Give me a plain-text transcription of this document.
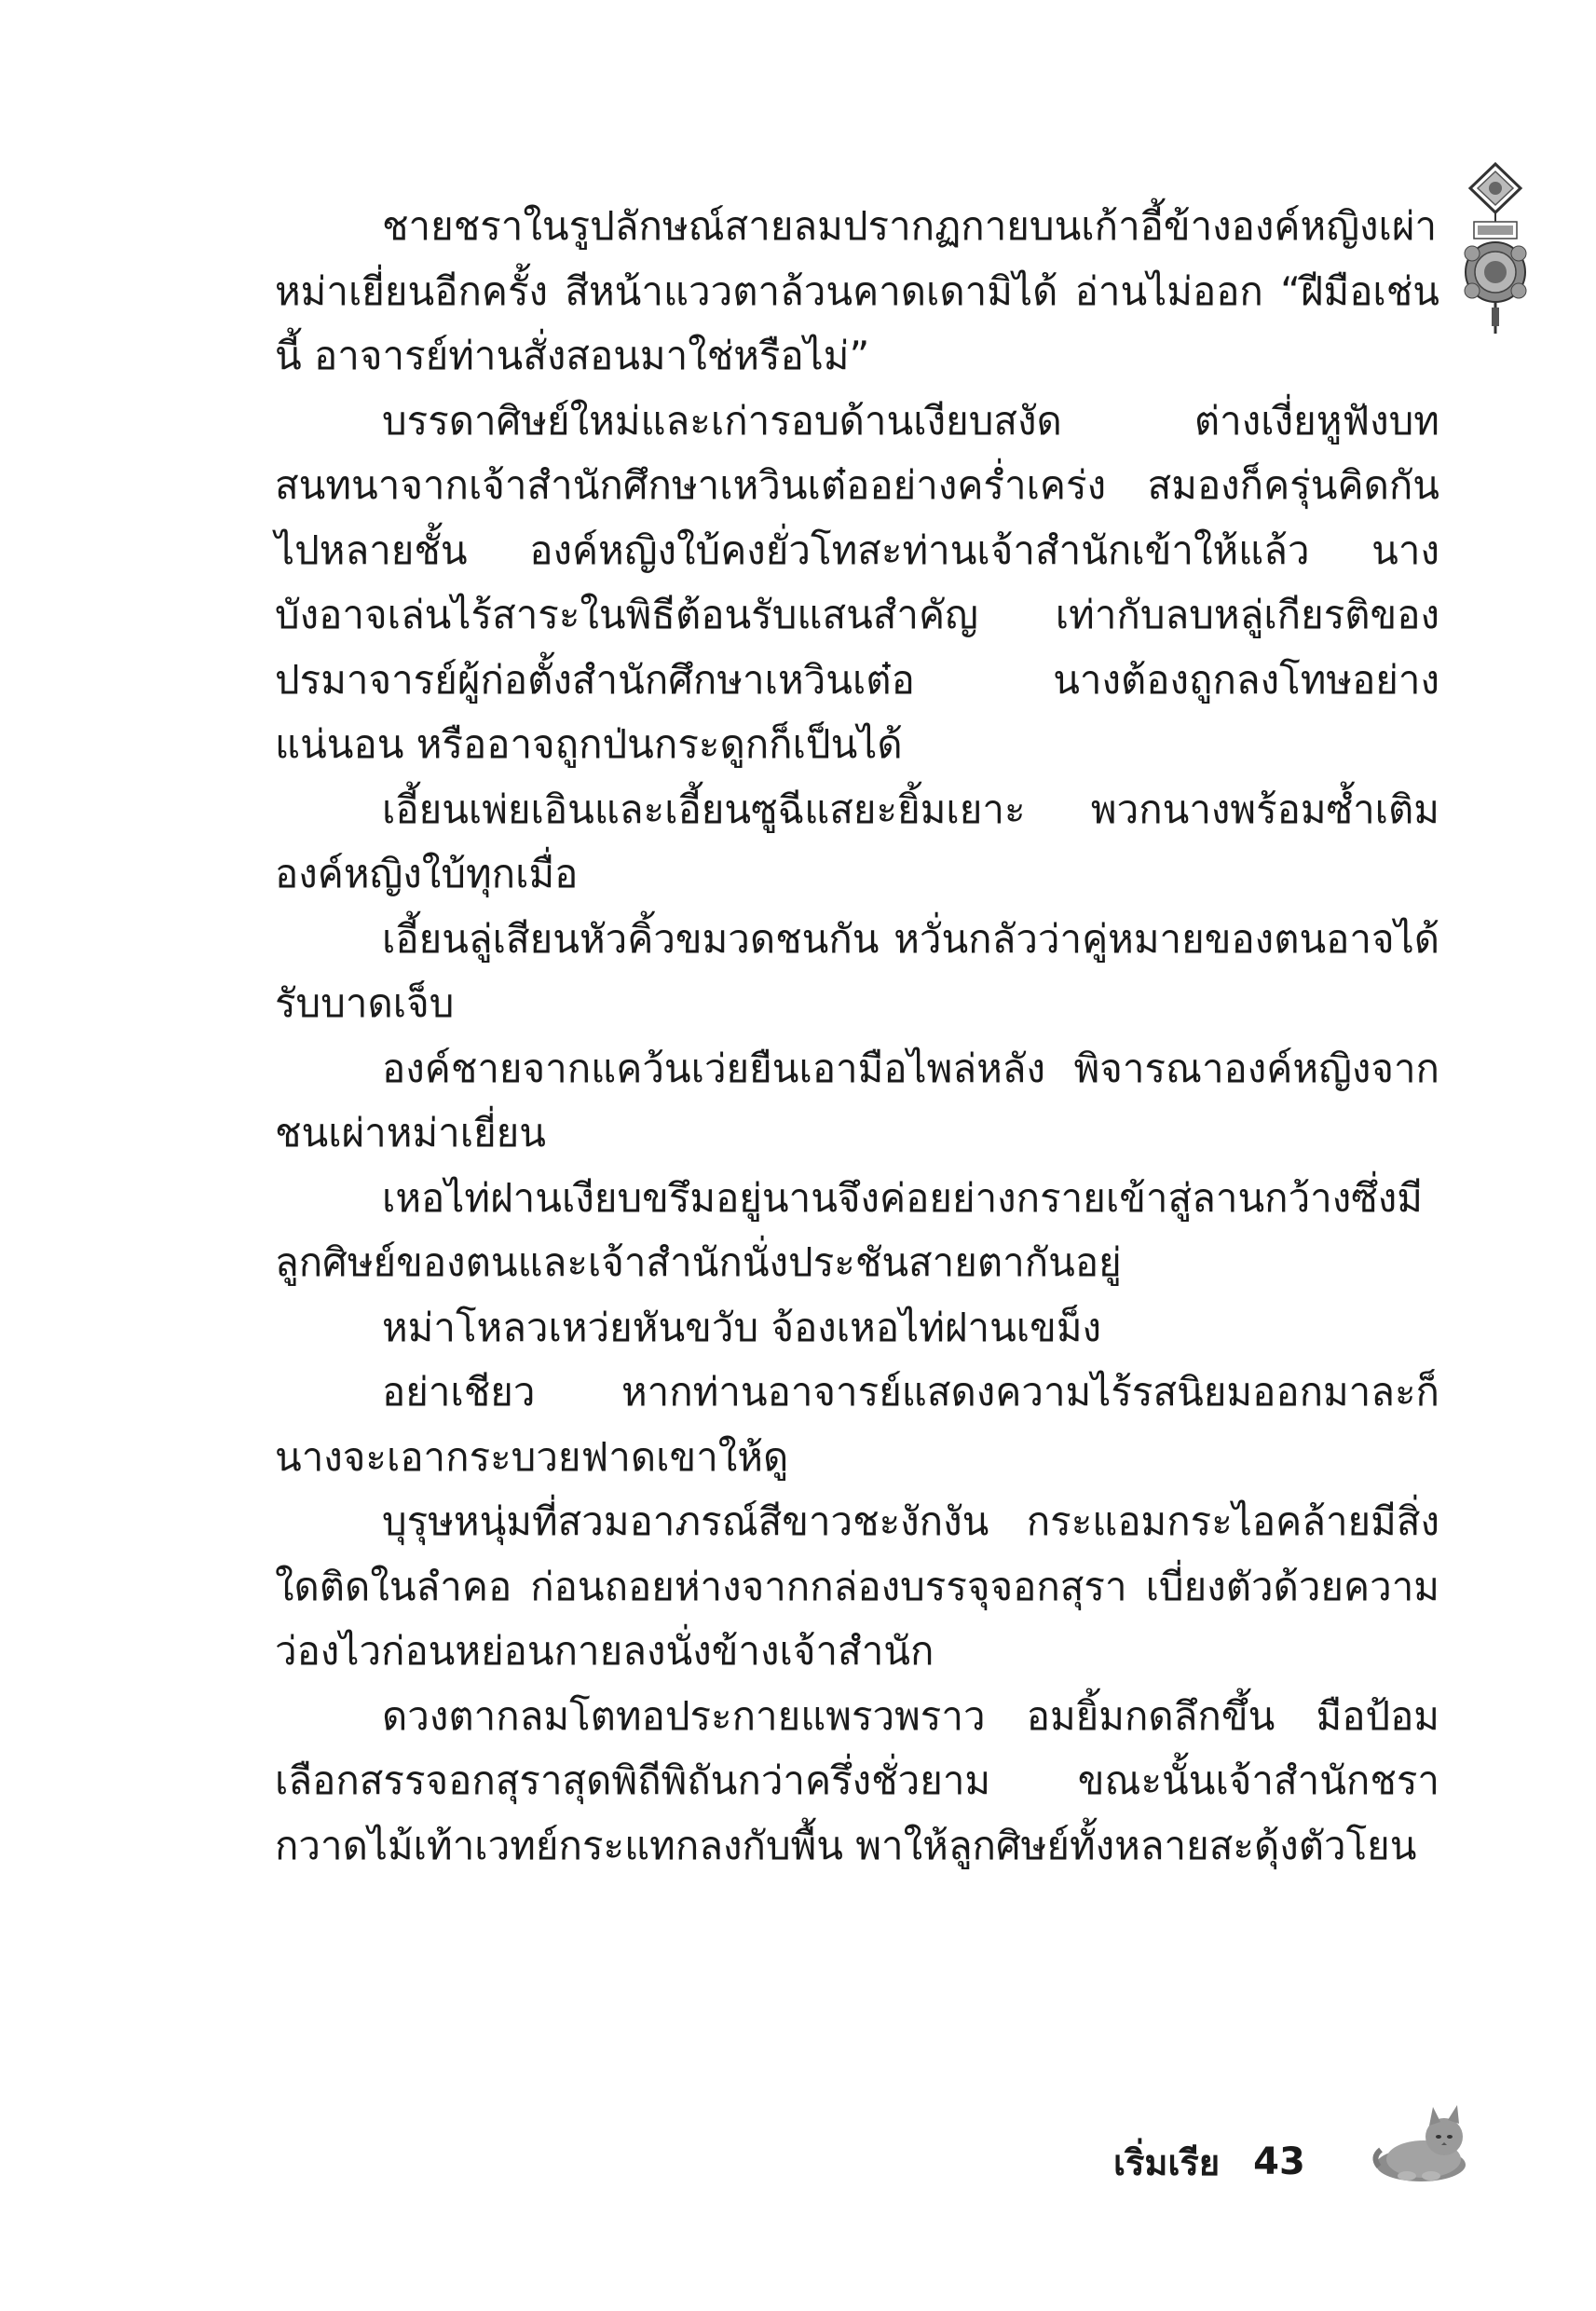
ชายชราในรูปลักษณ์สายลมปรากฏกายบนเก้าอี้ข้างองค์หญิงเผ่าหม่าเยี่ยนอีกครั้ง สีหน้าแววตาล้วนคาดเดามิได้ อ่านไม่ออก “ฝีมือเช่นนี้ อาจารย์ท่านสั่งสอนมาใช่หรือไม่”

บรรดาศิษย์ใหม่และเก่ารอบด้านเงียบสงัด ต่างเงี่ยหูฟังบทสนทนาจากเจ้าสำนักศึกษาเหวินเต๋ออย่างคร่ำเคร่ง สมองก็ครุ่นคิดกันไปหลายชั้น องค์หญิงใบ้คงยั่วโทสะท่านเจ้าสำนักเข้าให้แล้ว นางบังอาจเล่นไร้สาระในพิธีต้อนรับแสนสำคัญ เท่ากับลบหลู่เกียรติของปรมาจารย์ผู้ก่อตั้งสำนักศึกษาเหวินเต๋อ นางต้องถูกลงโทษอย่างแน่นอน หรืออาจถูกป่นกระดูกก็เป็นได้

เอี้ยนเพ่ยเอินและเอี้ยนซูฉีแสยะยิ้มเยาะ พวกนางพร้อมซ้ำเติมองค์หญิงใบ้ทุกเมื่อ

เอี้ยนลู่เสียนหัวคิ้วขมวดชนกัน หวั่นกลัวว่าคู่หมายของตนอาจได้รับบาดเจ็บ

องค์ชายจากแคว้นเว่ยยืนเอามือไพล่หลัง พิจารณาองค์หญิงจากชนเผ่าหม่าเยี่ยน

เหอไท่ฝานเงียบขรึมอยู่นานจึงค่อยย่างกรายเข้าสู่ลานกว้างซึ่งมีลูกศิษย์ของตนและเจ้าสำนักนั่งประชันสายตากันอยู่

หม่าโหลวเหว่ยหันขวับ จ้องเหอไท่ฝานเขม็ง

อย่าเชียว หากท่านอาจารย์แสดงความไร้รสนิยมออกมาละก็ นางจะเอากระบวยฟาดเขาให้ดู

บุรุษหนุ่มที่สวมอาภรณ์สีขาวชะงักงัน กระแอมกระไอคล้ายมีสิ่งใดติดในลำคอ ก่อนถอยห่างจากกล่องบรรจุจอกสุรา เบี่ยงตัวด้วยความว่องไวก่อนหย่อนกายลงนั่งข้างเจ้าสำนัก

ดวงตากลมโตทอประกายแพรวพราว อมยิ้มกดลึกขึ้น มือป้อมเลือกสรรจอกสุราสุดพิถีพิถันกว่าครึ่งชั่วยาม ขณะนั้นเจ้าสำนักชรากวาดไม้เท้าเวทย์กระแทกลงกับพื้น พาให้ลูกศิษย์ทั้งหลายสะดุ้งตัวโยน

เริ่มเรีย 43
